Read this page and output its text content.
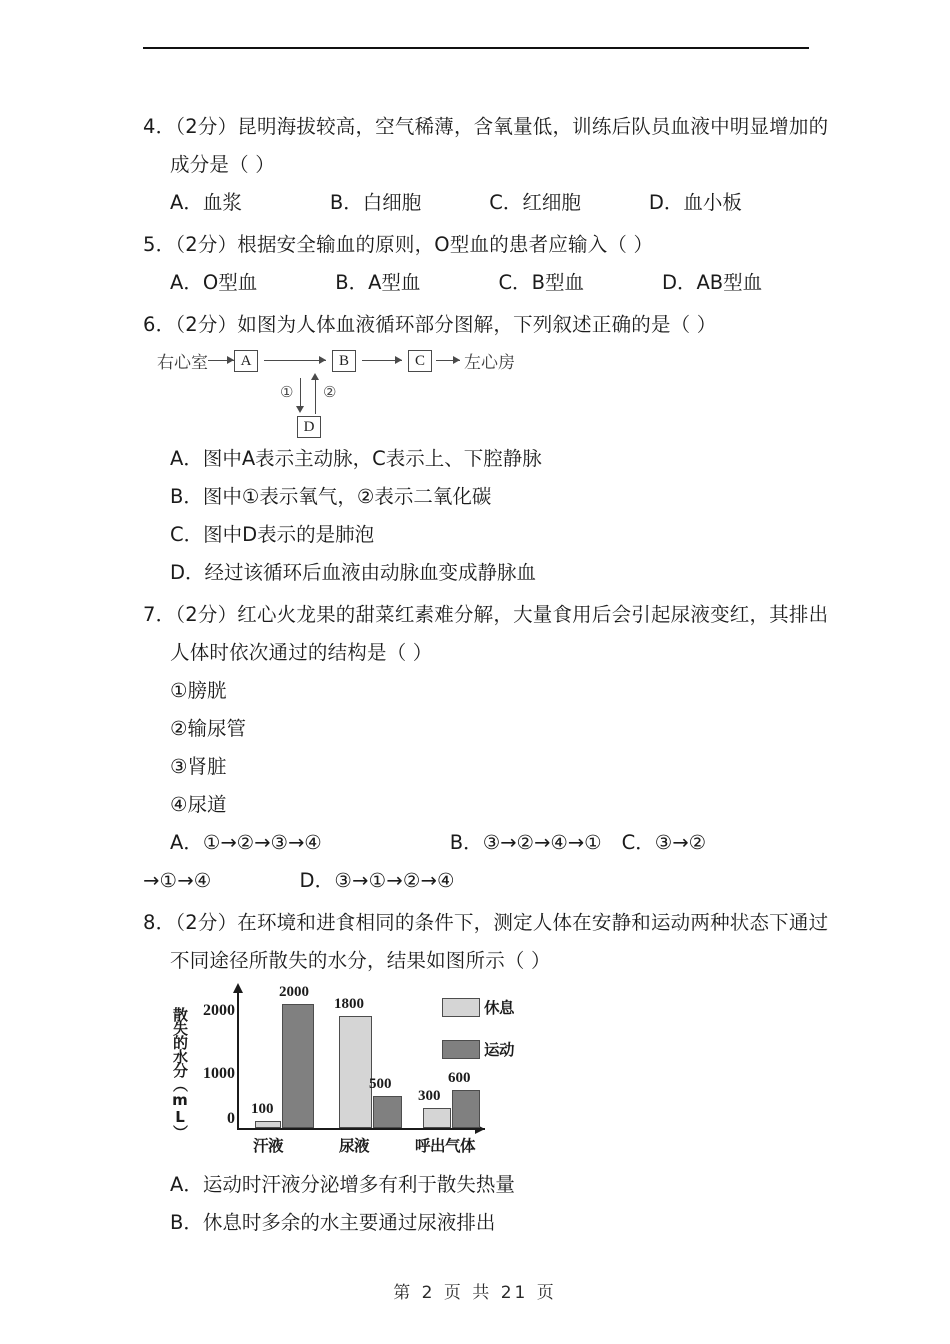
4．（2分）昆明海拔较高，空气稀薄，含氧量低，训练后队员血液中明显增加的
成分是（ ）
A．血浆	B．白细胞	C．红细胞	D．血小板
5．（2分）根据安全输血的原则，O型血的患者应输入（ ）
A．O型血	B．A型血	C．B型血	D．AB型血
6．（2分）如图为人体血液循环部分图解，下列叙述正确的是（ ）
右心室	A	B	C	左心房
① ②
D
A．图中A表示主动脉，C表示上、下腔静脉
B．图中①表示氧气，②表示二氧化碳
C．图中D表示的是肺泡
D．经过该循环后血液由动脉血变成静脉血
7．（2分）红心火龙果的甜菜红素难分解，大量食用后会引起尿液变红，其排出
人体时依次通过的结构是（ ）
①膀胱
②输尿管
③肾脏
④尿道
A．①→②→③→④	B．③→②→④→① C．③→②
→①→④	D．③→①→②→④
8．（2分）在环境和进食相同的条件下，测定人体在安静和运动两种状态下通过
不同途径所散失的水分，结果如图所示（ ）
散失的水分（mL） 2000
1000
0
100
2000
1800
500
300
600
休息
运动
汗液	尿液	呼出气体
A．运动时汗液分泌增多有利于散失热量
B．休息时多余的水主要通过尿液排出
第 2 页 共 21 页
